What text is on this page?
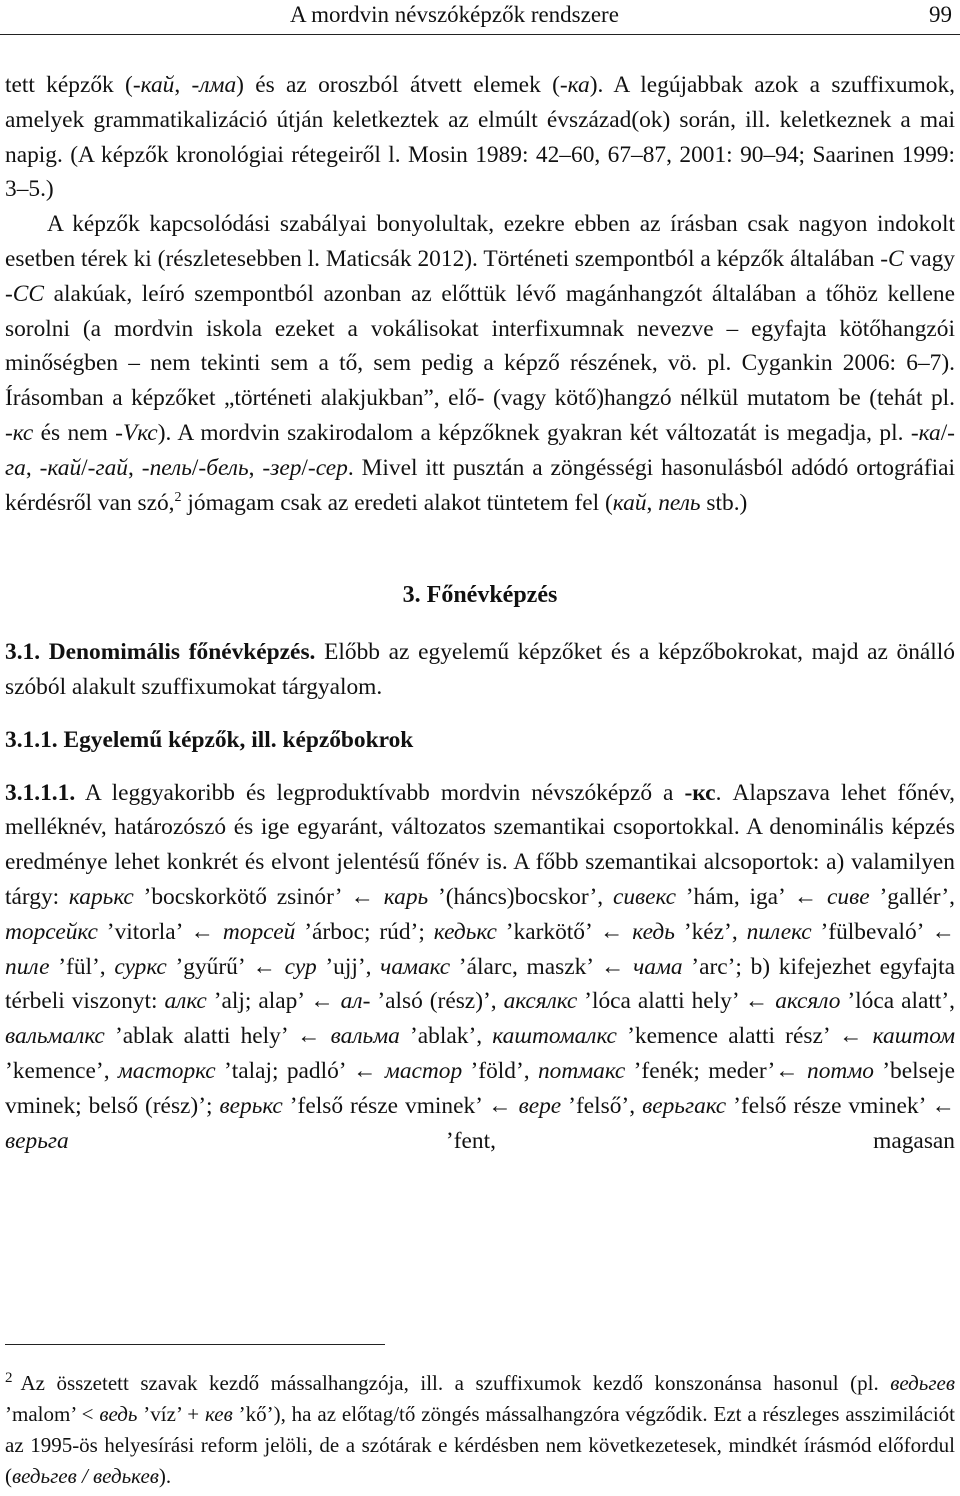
A mordvin névszóképzők rendszere	99

tett képzők (-кай, -лма) és az oroszból átvett elemek (-ка). A legújabbak azok a szuffixumok, amelyek grammatikalizáció útján keletkeztek az elmúlt évszázad(ok) során, ill. keletkeznek a mai napig. (A képzők kronológiai rétegeiről l. Mosin 1989: 42–60, 67–87, 2001: 90–94; Saarinen 1999: 3–5.)

A képzők kapcsolódási szabályai bonyolultak, ezekre ebben az írásban csak nagyon indokolt esetben térek ki (részletesebben l. Maticsák 2012). Történeti szempontból a képzők általában -C vagy -CC alakúak, leíró szempontból azonban az előttük lévő magánhangzót általában a tőhöz kellene sorolni (a mordvin iskola ezeket a vokálisokat interfixumnak nevezve – egyfajta kötőhangzói minőségben – nem tekinti sem a tő, sem pedig a képző részének, vö. pl. Cygankin 2006: 6–7). Írásomban a képzőket „történeti alakjukban”, elő- (vagy kötő)hangzó nélkül mutatom be (tehát pl. -кс és nem -Vкс). A mordvin szakirodalom a képzőknek gyakran két változatát is megadja, pl. -ка/-га, -кай/-гай, -пель/-бель, -зер/-сер. Mivel itt pusztán a zöngésségi hasonulásból adódó ortográfiai kérdésről van szó,$^2$ jómagam csak az eredeti alakot tüntetem fel (кай, пель stb.)

3. Főnévképzés

3.1. Denomimális főnévképzés. Előbb az egyelemű képzőket és a képzőbokrokat, majd az önálló szóból alakult szuffixumokat tárgyalom.

3.1.1. Egyelemű képzők, ill. képzőbokrok

3.1.1.1. A leggyakoribb és legproduktívabb mordvin névszóképző a -кс. Alapszava lehet főnév, melléknév, határozószó és ige egyaránt, változatos szemantikai csoportokkal. A denominális képzés eredménye lehet konkrét és elvont jelentésű főnév is. A főbb szemantikai alcsoportok: a) valamilyen tárgy: карькс ’bocskorkötő zsinór’ ← карь ’(háncs)bocskor’, сивекс ’hám, iga’ ← сиве ’gallér’, торсейкс ’vitorla’ ← торсей ’árboc; rúd’; кедькс ’karkötő’ ← кедь ’kéz’, пилекс ’fülbevaló’ ← пиле ’fül’, суркс ’gyűrű’ ← сур ’ujj’, чамакс ’álarc, maszk’ ← чама ’arc’; b) kifejezhet egyfajta térbeli viszonyt: алкс ’alj; alap’ ← ал- ’alsó (rész)’, аксялкс ’lóca alatti hely’ ← аксяло ’lóca alatt’, вальмалкс ’ablak alatti hely’ ← вальма ’ablak’, каштомалкс ’kemence alatti rész’ ← каштом ’kemence’, масторкс ’talaj; padló’ ← мастор ’föld’, потмакс ’fenék; meder’← потмо ’belseje vminek; belső (rész)’; верькс ’felső része vminek’ ← вере ’felső’, верьгакс ’felső része vminek’ ← верьга ’fent, magasan

$^2$ Az összetett szavak kezdő mássalhangzója, ill. a szuffixumok kezdő konszonánsa hasonul (pl. ведьгев ’malom’ < ведь ’víz’ + кев ’kő’), ha az előtag/tő zöngés mássalhangzóra végződik. Ezt a részleges asszimilációt az 1995-ös helyesírási reform jelöli, de a szótárak e kérdésben nem következetesek, mindkét írásmód előfordul (ведьгев / ведькев).
